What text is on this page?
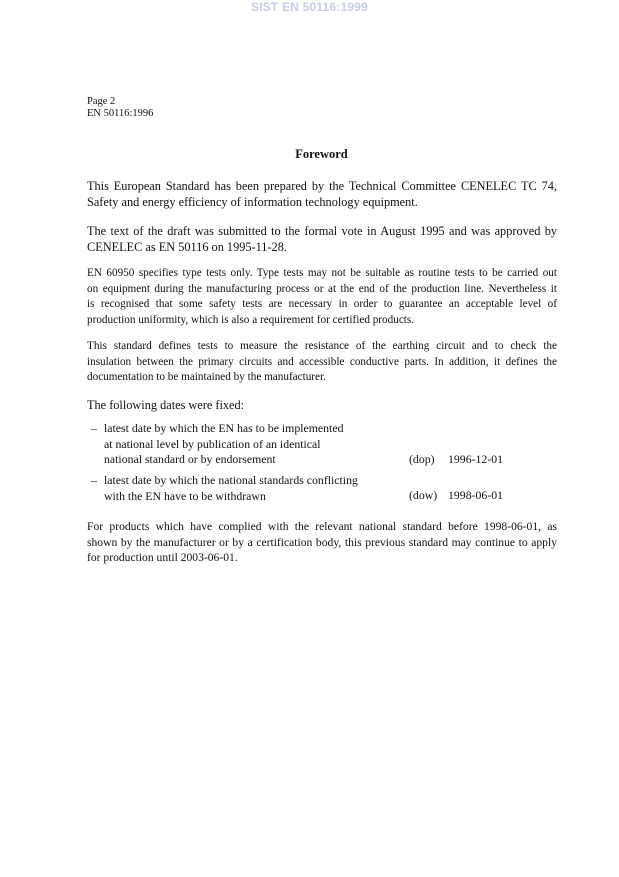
SIST EN 50116:1999
Page 2
EN 50116:1996
Foreword
This European Standard has been prepared by the Technical Committee CENELEC TC 74,
Safety and energy efficiency of information technology equipment.
The text of the draft was submitted to the formal vote in August 1995 and was approved by
CENELEC as EN 50116 on 1995-11-28.
EN 60950 specifies type tests only. Type tests may not be suitable as routine tests to be carried out
on equipment during the manufacturing process or at the end of the production line. Nevertheless it
is recognised that some safety tests are necessary in order to guarantee an acceptable level of
production uniformity, which is also a requirement for certified products.
This standard defines tests to measure the resistance of the earthing circuit and to check the
insulation between the primary circuits and accessible conductive parts. In addition, it defines the
documentation to be maintained by the manufacturer.
The following dates were fixed:
– latest date by which the EN has to be implemented
at national level by publication of an identical
national standard or by endorsement	(dop) 1996-12-01
– latest date by which the national standards conflicting
with the EN have to be withdrawn	(dow) 1998-06-01
For products which have complied with the relevant national standard before 1998-06-01, as
shown by the manufacturer or by a certification body, this previous standard may continue to apply
for production until 2003-06-01.
